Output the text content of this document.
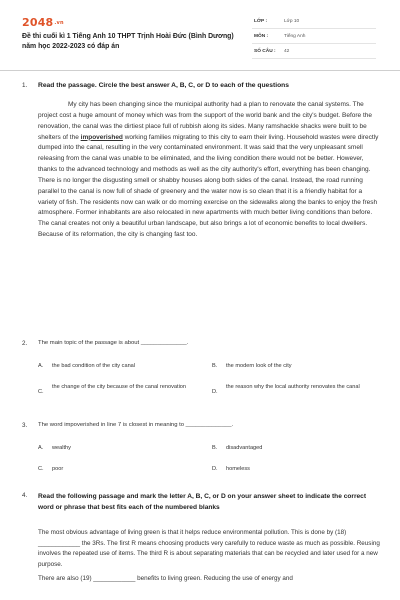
2048.vn
Đề thi cuối kì 1 Tiếng Anh 10 THPT Trịnh Hoài Đức (Bình Dương) năm học 2022-2023 có đáp án
LỚP :	Lớp 10
MÔN :	Tiếng Anh
SỐ CÂU : 42
1. Read the passage. Circle the best answer A, B, C, or D to each of the questions

My city has been changing since the municipal authority had a plan to renovate the canal systems. The project cost a huge amount of money which was from the support of the world bank and the city's budget. Before the renovation, the canal was the dirtiest place full of rubbish along its sides. Many ramshackle shacks were built to be shelters of the impoverished working families migrating to this city to earn their living. Household wastes were directly dumped into the canal, resulting in the very contaminated environment. It was said that the very unpleasant smell releasing from the canal was unable to be eliminated, and the living condition there would not be better. However, thanks to the advanced technology and methods as well as the city authority's effort, everything has been changing. There is no longer the disgusting smell or shabby houses along both sides of the canal. Instead, the road running parallel to the canal is now full of shade of greenery and the water now is so clean that it is a friendly habitat for a variety of fish. The residents now can walk or do morning exercise on the sidewalks along the banks to enjoy the fresh atmosphere. Former inhabitants are also relocated in new apartments with much better living conditions than before. The canal creates not only a beautiful urban landscape, but also brings a lot of economic benefits to local dwellers. Because of its reformation, the city is changing fast too.

2. The main topic of the passage is about ______________.
A. the bad condition of the city canal	B. the modern look of the city
C.
the change of the city because of the canal renovation
D.
the reason why the local authority renovates the canal
3. The word impoverished in line 7 is closest in meaning to ______________.
A. wealthy	B. disadvantaged
C. poor	D. homeless
4. Read the following passage and mark the letter A, B, C, or D on your answer sheet to indicate the correct word or phrase that best fits each of the numbered blanks

The most obvious advantage of living green is that it helps reduce environmental pollution. This is done by (18) ____________ the 3Rs. The first R means choosing products very carefully to reduce waste as much as possible. Reusing involves the repeated use of items. The third R is about separating materials that can be recycled and later used for a new purpose.

There are also (19) ____________ benefits to living green. Reducing the use of energy and
